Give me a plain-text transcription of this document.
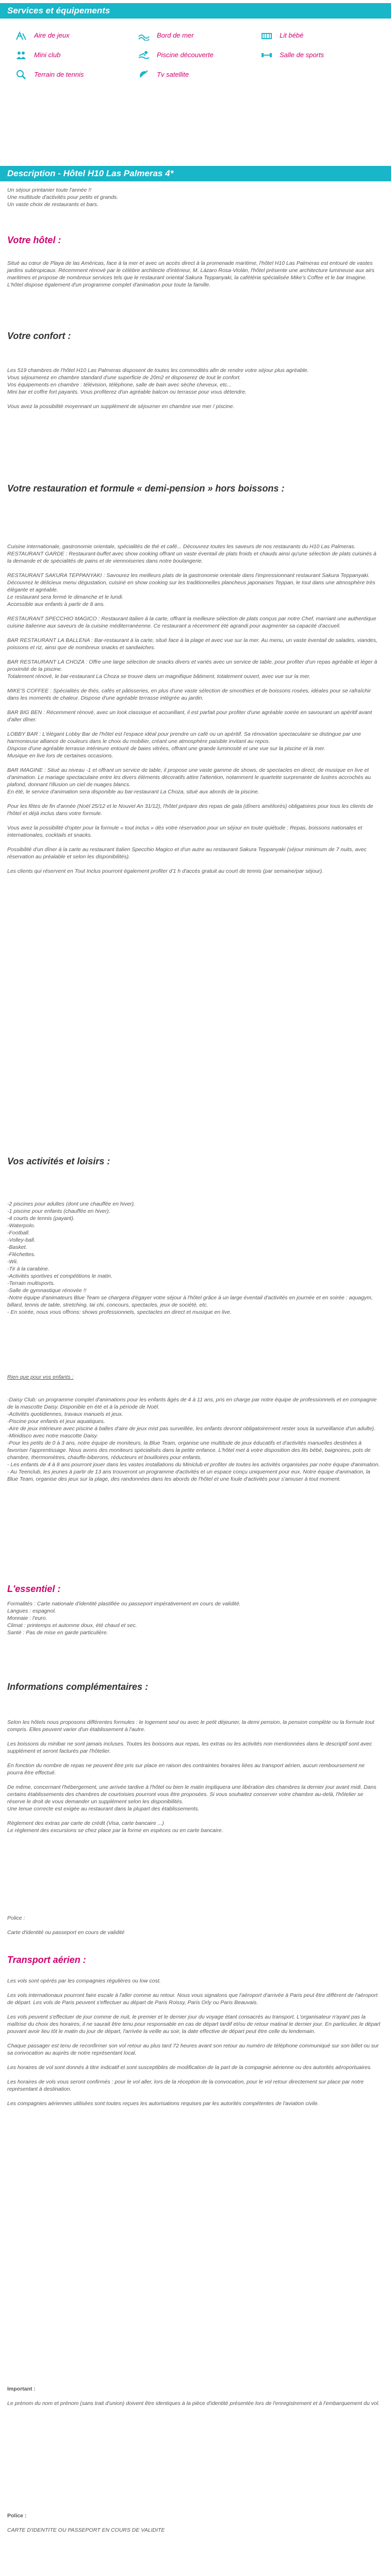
Services et équipements
Aire de jeux	Bord de mer	Lit bébé
Mini club	Piscine découverte	Salle de sports
Terrain de tennis	Tv satellite
Description - Hôtel H10 Las Palmeras 4*

Un séjour printanier toute l'année !!

Une multitude d'activités pour petits et grands.

Un vaste choix de restaurants et bars.

Votre hôtel :

Situé au cœur de Playa de las Américas, face à la mer et avec un accès direct à la promenade maritime, l'hôtel H10 Las Palmeras est entouré de vastes jardins subtropicaux. Récemment rénové par le célèbre architecte d'intérieur, M. Lázaro Rosa-Violán, l'hôtel présente une architecture lumineuse aux airs maritimes et propose de nombreux services tels que le restaurant oriental Sakura Teppanyaki, la cafétéria spécialisée Mike's Coffee et le bar Imagine. L'hôtel dispose également d'un programme complet d'animation pour toute la famille.

Votre confort :

Les 519 chambres de l'hôtel H10 Las Palmeras disposent de toutes les commodités afin de rendre votre séjour plus agréable.

Vous séjournerez en chambre standard d'une superficie de 20m2 et disposerez de tout le confort.

Vos équipements en chambre : télévision, téléphone, salle de bain avec sèche cheveux, etc...

Mini bar et coffre fort payants. Vous profiterez d'un agréable balcon ou terrasse pour vous détendre.

Vous avez la possibilité moyennant un supplément de séjourner en chambre vue mer / piscine.

Votre restauration et formule « demi-pension » hors boissons :

Cuisine internationale, gastronomie orientale, spécialités de thé et café... Découvrez toutes les saveurs de nos restaurants du H10 Las Palmeras.

RESTAURANT GARDE : Restaurant-buffet avec show cooking offrant un vaste éventail de plats froids et chauds ainsi qu'une sélection de plats cuisinés à la demande et de spécialités de pains et de viennoiseries dans notre boulangerie.

RESTAURANT SAKURA TEPPANYAKI : Savourez les meilleurs plats de la gastronomie orientale dans l'impressionnant restaurant Sakura Teppanyaki. Découvrez le délicieux menu dégustation, cuisiné en show cooking sur les traditionnelles plancheus japonaises Teppan, le tout dans une atmosphère très élégante et agréable.

Le restaurant sera fermé le dimanche et le lundi.

Accessible aux enfants à partir de 8 ans.

RESTAURANT SPECCHIO MAGICO : Restaurant italien à la carte, offrant la meilleure sélection de plats conçus par notre Chef, marriant une authentique cuisine italienne aux saveurs de la cuisine méditerranéenne. Ce restaurant a récemment été agrandi pour augmenter sa capacité d'accueil.

BAR RESTAURANT LA BALLENA : Bar-restaurant à la carte, situé face à la plage et avec vue sur la mer. Au menu, un vaste éventail de salades, viandes, poissons et riz, ainsi que de nombreux snacks et sandwiches.

BAR RESTAURANT LA CHOZA : Offre une large sélection de snacks divers et variés avec un service de table, pour profiter d'un repas agréable et léger à proximité de la piscine.

Totalement rénové, le bar-restaurant La Choza se trouve dans un magnifique bâtiment, totalement ouvert, avec vue sur la mer.

MIKE'S COFFEE : Spécialités de thés, cafés et pâtisseries, en plus d'une vaste sélection de smoothies et de boissons rosées, idéales pour se rafraîchir dans les moments de chaleur. Dispose d'une agréable terrasse intégrée au jardin.

BAR BIG BEN : Récemment rénové, avec un look classique et accueillant, il est parfait pour profiter d'une agréable soirée en savourant un apéritif avant d'aller dîner.

LOBBY BAR : L'élégant Lobby Bar de l'hôtel est l'espace idéal pour prendre un café ou un apéritif. Sa rénovation spectaculaire se distingue par une harmonieuse alliance de couleurs dans le choix du mobilier, créant une atmosphère paisible invitant au repos.

Dispose d'une agréable terrasse intérieure entouré de baies vitrées, offrant une grande luminosité et une vue sur la piscine et la mer.

Musique en live lors de certaines occasions.

BAR IMAGINE : Situé au niveau -1 et offrant un service de table, il propose une vaste gamme de shows, de spectacles en direct, de musique en live et d'animation. Le mariage spectaculaire entre les divers éléments décoratifs attire l'attention, notamment le quartette surprenante de lustres accrochés au plafond, donnant l'illusion un ciel de nuages blancs.

En été, le service d'animation sera disponible au bar-restaurant La Choza, situé aux abords de la piscine.

Pour les fêtes de fin d'année (Noël 25/12 et le Nouvel An 31/12), l'hôtel prépare des repas de gala (dîners améliorés) obligatoires pour tous les clients de l'hôtel et déjà inclus dans votre formule.

Vous avez la possibilité d'opter pour la formule « tout inclus » dès votre réservation pour un séjour en toute quiétude : Repas, boissons nationales et internationales, cocktails et snacks.

Possibilité d'un dîner à la carte au restaurant Italien Specchio Magico et d'un autre au restaurant Sakura Teppanyaki (séjour minimum de 7 nuits, avec réservation au préalable et selon les disponibilités).

Les clients qui réservent en Tout Inclus pourront également profiter d'1 h d'accès gratuit au court de tennis (par semaine/par séjour).

Vos activités et loisirs :

-2 piscines pour adultes (dont une chauffée en hiver).

-1 piscine pour enfants (chauffée en hiver).

-4 courts de tennis (payant).

-Waterpolo.

-Football.

-Volley-ball.

-Basket.

-Fléchettes.

-Wii.

-Tir à la carabine.

-Activités sportives et compétitions le matin.

-Terrain multisports.

-Salle de gymnastique rénovée !!

-Notre équipe d'animateurs Blue Team se chargera d'égayer votre séjour à l'hôtel grâce à un large éventail d'activités en journée et en soirée : aquagym, billard, tennis de table, stretching, tai chi, concours, spectacles, jeux de société, etc.

- En soirée, nous vous offrons: shows professionnels, spectacles en direct et musique en live.

Rien que pour vos enfants :

-Daisy Club: un programme complet d'animations pour les enfants âgés de 4 à 11 ans, pris en charge par notre équipe de professionnels et en compagnie de la mascotte Daisy. Disponible en été et à la période de Noël.

-Activités quotidiennes, travaux manuels et jeux.

-Piscine pour enfants et jeux aquatiques.

-Aire de jeux intérieure avec piscine à balles d'aire de jeux mist pas surveillée, les enfants devront obligatoirement rester sous la surveillance d'un adulte).

-Minidisco avec notre mascotte Daisy.

-Pour les petits de 0 à 3 ans, notre équipe de moniteurs, la Blue Team, organise une multitude de jeux éducatifs et d'activités manuelles destinées à favoriser l'apprentissage. Nous avons des moniteurs spécialisés dans la petite enfance. L'hôtel met à votre disposition des lits bébé, baignoires, pots de chambre, thermomètres, chauffe-biberons, réducteurs et bouilloires pour enfants.

- Les enfants de 4 à 8 ans pourront jouer dans les vastes installations du Miniclub et profiter de toutes les activités organisées par notre équipe d'animation.

- Au Teenclub, les jeunes à partir de 13 ans trouveront un programme d'activités et un espace conçu uniquement pour eux. Notre équipe d'animation, la Blue Team, organise des jeux sur la plage, des randonnées dans les abords de l'hôtel et une foule d'activités pour s'amuser à tout moment.

L'essentiel :

Formalités : Carte nationale d'identité plastifiée ou passeport impérativement en cours de validité.

Langues : espagnol.

Monnaie : l'euro.

Climat : printemps et automne doux, été chaud et sec.

Santé : Pas de mise en garde particulière.

Informations complémentaires :

Selon les hôtels nous proposons différentes formules : le logement seul ou avec le petit déjeuner, la demi pension, la pension complète ou la formule tout compris. Elles peuvent varier d'un établissement à l'autre.

Les boissons du minibar ne sont jamais incluses. Toutes les boissons aux repas, les extras ou les activités non mentionnées dans le descriptif sont avec supplément et seront facturés par l'hôtelier.

En fonction du nombre de repas ne peuvent être pris sur place en raison des contraintes horaires liées au transport aérien, aucun remboursement ne pourra être effectué.

De même, concernant l'hébergement, une arrivée tardive à l'hôtel ou bien le matin impliquera une libération des chambres la dernier jour avant midi. Dans certains établissements des chambres de courtoisies pourront vous être proposées. Si vous souhaitez conserver votre chambre au-delà, l'hôtelier se réserve le droit de vous demander un supplément selon les disponibilités.

Une tenue correcte est exigée au restaurant dans la plupart des établissements.

Règlement des extras par carte de crédit (Visa, carte bancaire ...)

Le règlement des excursions se chez place par la forme en espèces ou en carte bancaire.

Police :

Carte d'identité ou passeport en cours de validité

Transport aérien :

Les vols sont opérés par les compagnies régulières ou low cost.

Les vols internationaux pourront faire escale à l'aller comme au retour. Nous vous signalons que l'aéroport d'arrivée à Paris peut être différent de l'aéroport de départ. Les vols de Paris peuvent s'effectuer au départ de Paris Roissy, Paris Orly ou Paris Beauvais.

Les vols peuvent s'effectuer de jour comme de nuit, le premier et le dernier jour du voyage étant consacrés au transport. L'organisateur n'ayant pas la maîtrise du choix des horaires, il ne saurait être tenu pour responsable en cas de départ tardif et/ou de retour matinal le dernier jour. En particulier, le départ pouvant avoir lieu tôt le matin du jour de départ, l'arrivée la veille au soir, la date effective de départ peut être celle du lendemain.

Chaque passager est tenu de reconfirmer son vol retour au plus tard 72 heures avant son retour au numéro de téléphone communiqué sur son billet ou sur sa convocation au auprès de notre représentant local.

Les horaires de vol sont donnés à titre indicatif et sont susceptibles de modification de la part de la compagnie aérienne ou des autorités aéroportuaires.

Les horaires de vols vous seront confirmés : pour le vol aller, lors de la réception de la convocation, pour le vol retour directement sur place par notre représentant à destination.

Les compagnies aériennes utilisées sont toutes reçues les autorisations requises par les autorités compétentes de l'aviation civile.

Important :

Le prénom du nom et prénom (sans trait d'union) doivent être identiques à la pièce d'identité présentée lors de l'enregistrement et à l'embarquement du vol.

Police :

CARTE D'IDENTITE OU PASSEPORT EN COURS DE VALIDITE
